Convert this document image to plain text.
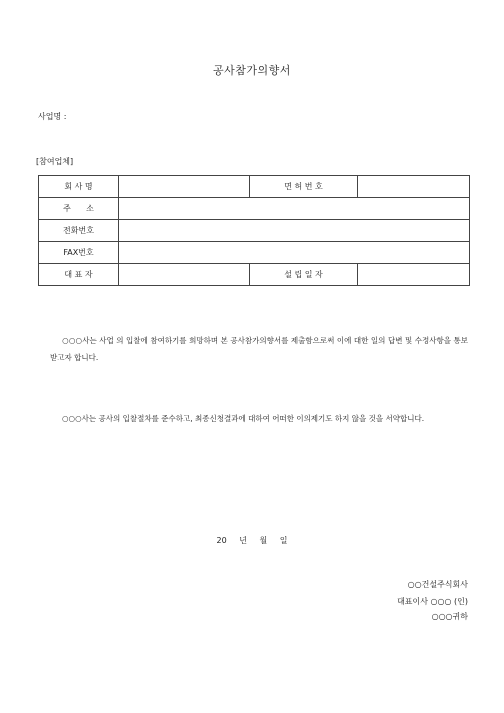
공사참가의향서
사업명 :
[참여업체]
회 사 명		면 허 번 호	
주      소			
전화번호			
FAX번호			
대 표 자		설 립 일 자	
○○○사는 사업 의 입찰에 참여하기를 희망하며 본 공사참가의향서를 제출함으로써 이에 대한 일의 답변 및 수정사항을 통보 받고자 합니다.
○○○사는 공사의 입찰절차를 준수하고, 최종신청결과에 대하여 어떠한 이의제기도 하지 않을 것을 서약합니다.
20 년 월 일
○○건설주식회사
대표이사 ○○○ (인)
○○○귀하
